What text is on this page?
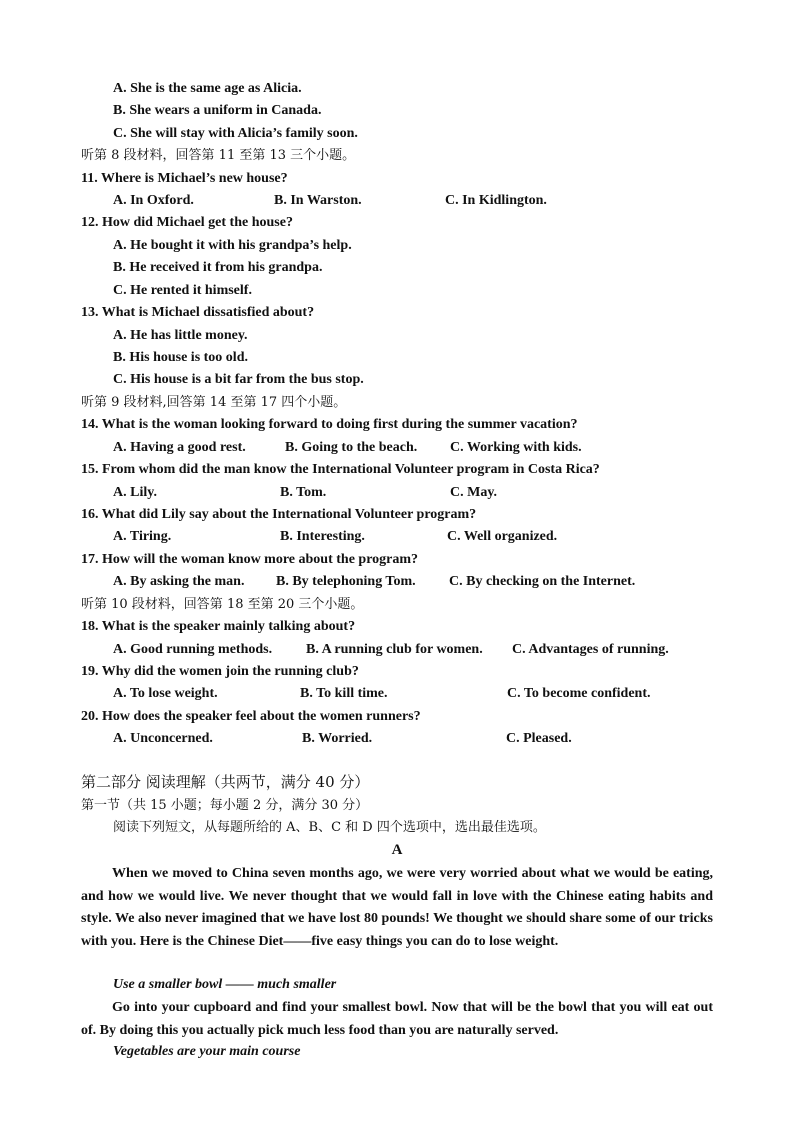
A. She is the same age as Alicia.
B. She wears a uniform in Canada.
C. She will stay with Alicia’s family soon.
听第 8 段材料，回答第 11 至第 13 三个小题。
11. Where is Michael’s new house?
A. In Oxford.	B. In Warston.	C. In Kidlington.
12. How did Michael get the house?
A. He bought it with his grandpa’s help.
B. He received it from his grandpa.
C. He rented it himself.
13. What is Michael dissatisfied about?
A. He has little money.
B. His house is too old.
C. His house is a bit far from the bus stop.
听第 9 段材料,回答第 14 至第 17 四个小题。
14. What is the woman looking forward to doing first during the summer vacation?
A. Having a good rest.	B. Going to the beach. C. Working with kids.
15. From whom did the man know the International Volunteer program in Costa Rica?
A. Lily.	B. Tom.	C. May.
16. What did Lily say about the International Volunteer program?
A. Tiring.	B. Interesting.	C. Well organized.
17. How will the woman know more about the program?
A. By asking the man. B. By telephoning Tom. C. By checking on the Internet.
听第 10 段材料，回答第 18 至第 20 三个小题。
18. What is the speaker mainly talking about?
A. Good running methods. B. A running club for women. C. Advantages of running.
19. Why did the women join the running club?
A. To lose weight.	B. To kill time.	C. To become confident.
20. How does the speaker feel about the women runners?
A. Unconcerned.	B. Worried.	C. Pleased.
第二部分 阅读理解（共两节，满分 40 分）
第一节（共 15 小题；每小题 2 分，满分 30 分）
阅读下列短文，从每题所给的 A、B、C 和 D 四个选项中，选出最佳选项。
A
When we moved to China seven months ago, we were very worried about what we would be eating, and how we would live. We never thought that we would fall in love with the Chinese eating habits and style. We also never imagined that we have lost 80 pounds! We thought we should share some of our tricks with you. Here is the Chinese Diet——five easy things you can do to lose weight.
Use a smaller bowl —— much smaller
Go into your cupboard and find your smallest bowl. Now that will be the bowl that you will eat out of. By doing this you actually pick much less food than you are naturally served.
Vegetables are your main course
